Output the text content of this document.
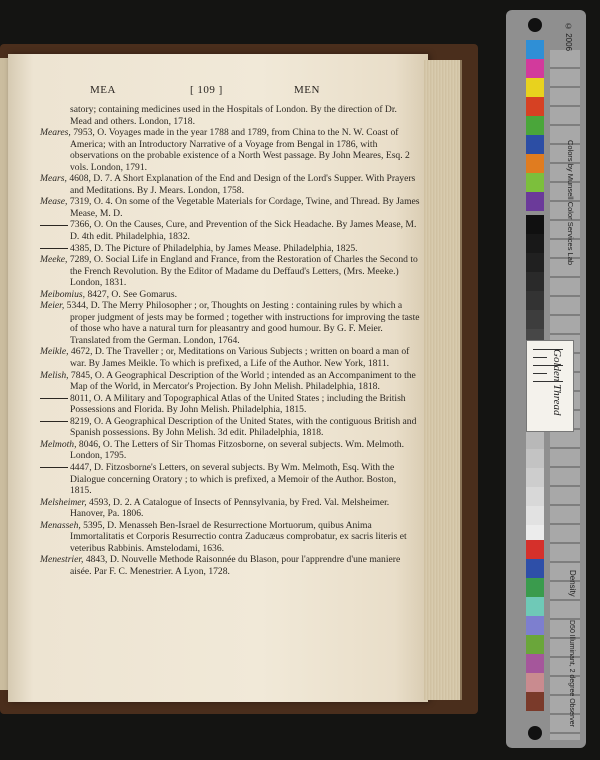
MEA	[ 109 ]	MEN

satory; containing medicines used in the Hospitals of London. By the direction of Dr. Mead and others. London, 1718.

Meares, 7953, O. Voyages made in the year 1788 and 1789, from China to the N. W. Coast of America; with an Introductory Narrative of a Voyage from Bengal in 1786, with observations on the probable existence of a North West passage. By John Meares, Esq. 2 vols. London, 1791.

Mears, 4608, D. 7. A Short Explanation of the End and Design of the Lord's Supper. With Prayers and Meditations. By J. Mears. London, 1758.

Mease, 7319, O. 4. On some of the Vegetable Materials for Cordage, Twine, and Thread. By James Mease, M. D.

7366, O. On the Causes, Cure, and Prevention of the Sick Headache. By James Mease, M. D. 4th edit. Philadelphia, 1832.

4385, D. The Picture of Philadelphia, by James Mease. Philadelphia, 1825.

Meeke, 7289, O. Social Life in England and France, from the Restoration of Charles the Second to the French Revolution. By the Editor of Madame du Deffaud's Letters, (Mrs. Meeke.) London, 1831.

Meibomius, 8427, O. See Gomarus.

Meier, 5344, D. The Merry Philosopher ; or, Thoughts on Jesting : containing rules by which a proper judgment of jests may be formed ; together with instructions for improving the taste of those who have a natural turn for pleasantry and good humour. By G. F. Meier. Translated from the German. London, 1764.

Meikle, 4672, D. The Traveller ; or, Meditations on Various Subjects ; written on board a man of war. By James Meikle. To which is prefixed, a Life of the Author. New York, 1811.

Melish, 7845, O. A Geographical Description of the World ; intended as an Accompaniment to the Map of the World, in Mercator's Projection. By John Melish. Philadelphia, 1818.

8011, O. A Military and Topographical Atlas of the United States ; including the British Possessions and Florida. By John Melish. Philadelphia, 1815.

8219, O. A Geographical Description of the United States, with the contiguous British and Spanish possessions. By John Melish. 3d edit. Philadelphia, 1818.

Melmoth, 8046, O. The Letters of Sir Thomas Fitzosborne, on several subjects. Wm. Melmoth. London, 1795.

4447, D. Fitzosborne's Letters, on several subjects. By Wm. Melmoth, Esq. With the Dialogue concerning Oratory ; to which is prefixed, a Memoir of the Author. Boston, 1815.

Melsheimer, 4593, D. 2. A Catalogue of Insects of Pennsylvania, by Fred. Val. Melsheimer. Hanover, Pa. 1806.

Menasseh, 5395, D. Menasseh Ben-Israel de Resurrectione Mortuorum, quibus Anima Immortalitatis et Corporis Resurrectio contra Zaducæus comprobatur, ex sacris literis et veteribus Rabbinis. Amstelodami, 1636.

Menestrier, 4843, D. Nouvelle Methode Raisonnée du Blason, pour l'apprendre d'une maniere aisée. Par F. C. Menestrier. A Lyon, 1728.

© 2006
Colors by Munsell Color Services Lab
Density
D50 Illuminant, 2 degree Observer
Golden Thread
